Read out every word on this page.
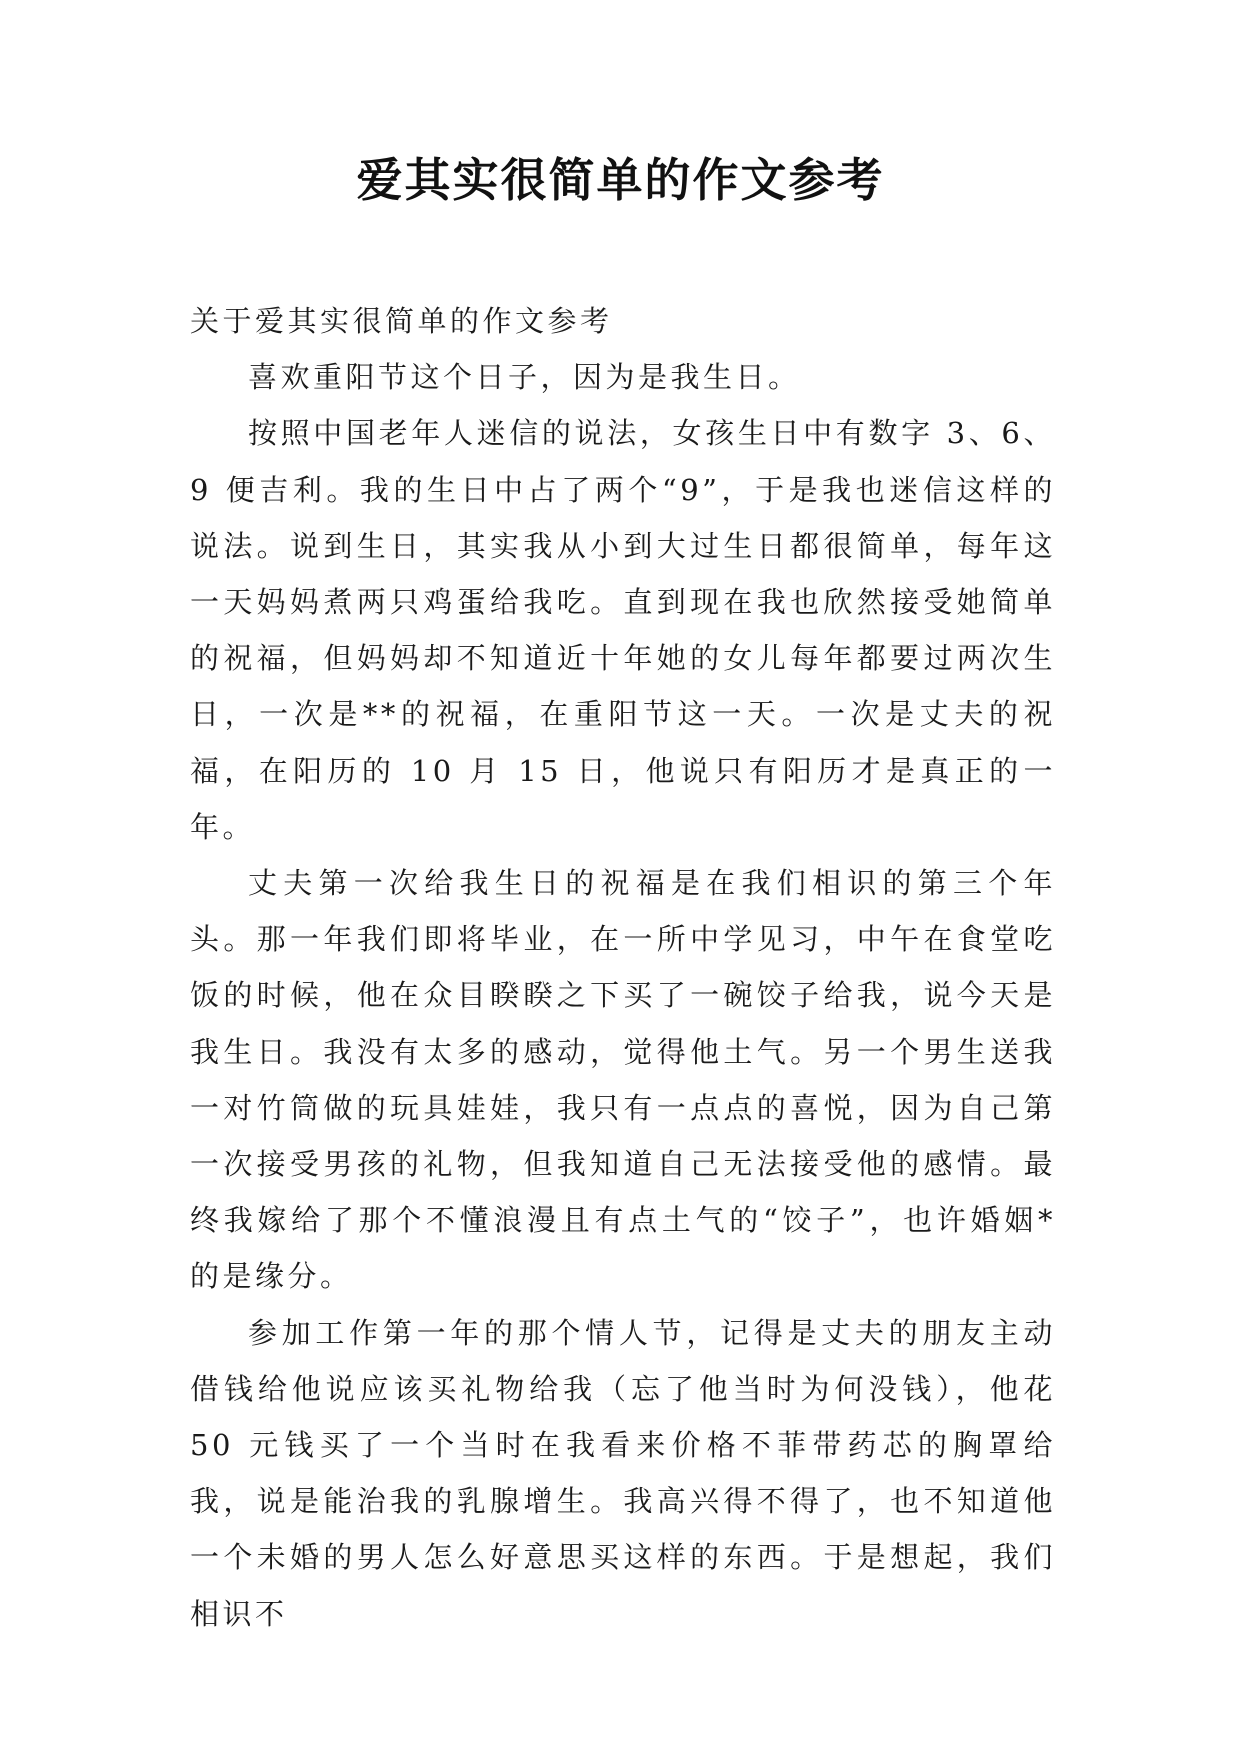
爱其实很简单的作文参考

关于爱其实很简单的作文参考

喜欢重阳节这个日子，因为是我生日。

按照中国老年人迷信的说法，女孩生日中有数字 3、6、9 便吉利。我的生日中占了两个“9”，于是我也迷信这样的说法。说到生日，其实我从小到大过生日都很简单，每年这一天妈妈煮两只鸡蛋给我吃。直到现在我也欣然接受她简单的祝福，但妈妈却不知道近十年她的女儿每年都要过两次生日，一次是**的祝福，在重阳节这一天。一次是丈夫的祝福，在阳历的 10 月 15 日，他说只有阳历才是真正的一年。

丈夫第一次给我生日的祝福是在我们相识的第三个年头。那一年我们即将毕业，在一所中学见习，中午在食堂吃饭的时候，他在众目睽睽之下买了一碗饺子给我，说今天是我生日。我没有太多的感动，觉得他土气。另一个男生送我一对竹筒做的玩具娃娃，我只有一点点的喜悦，因为自己第一次接受男孩的礼物，但我知道自己无法接受他的感情。最终我嫁给了那个不懂浪漫且有点土气的“饺子”，也许婚姻*的是缘分。

参加工作第一年的那个情人节，记得是丈夫的朋友主动借钱给他说应该买礼物给我（忘了他当时为何没钱），他花 50 元钱买了一个当时在我看来价格不菲带药芯的胸罩给我，说是能治我的乳腺增生。我高兴得不得了，也不知道他一个未婚的男人怎么好意思买这样的东西。于是想起，我们相识不
